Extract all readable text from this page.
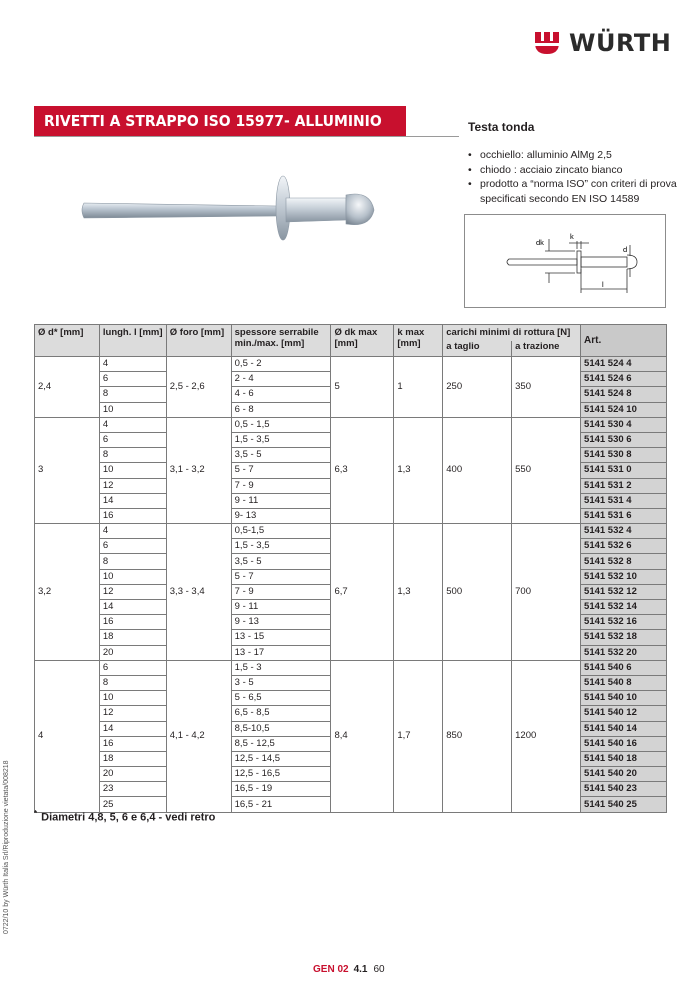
WÜRTH
RIVETTI A STRAPPO ISO 15977- ALLUMINIO	Testa tonda
• occhiello: alluminio AlMg 2,5
• chiodo : acciaio zincato bianco
• prodotto a “norma ISO” con criteri di prova specificati secondo EN ISO 14589
dk
k
d
l
Ø d* [mm]	lungh. l [mm]	Ø foro [mm]	spessore serrabile min./max. [mm]	Ø dk max [mm]	k max [mm]	carichi minimi di rottura [N]		Art.
						a taglio	a trazione	
2,4	4	2,5 - 2,6	0,5 - 2	5	1	250	350	5141 524 4
	6		2 - 4					5141 524 6
	8		4 - 6					5141 524 8
	10		6 - 8					5141 524 10
3	4	3,1 - 3,2	0,5 - 1,5	6,3	1,3	400	550	5141 530 4
	6		1,5 - 3,5					5141 530 6
	8		3,5 - 5					5141 530 8
	10		5 - 7					5141 531 0
	12		7 - 9					5141 531 2
	14		9 - 11					5141 531 4
	16		9- 13					5141 531 6
3,2	4	3,3 - 3,4	0,5-1,5	6,7	1,3	500	700	5141 532 4
	6		1,5 - 3,5					5141 532 6
	8		3,5 - 5					5141 532 8
	10		5 - 7					5141 532 10
	12		7 - 9					5141 532 12
	14		9 - 11					5141 532 14
	16		9 - 13					5141 532 16
	18		13 - 15					5141 532 18
	20		13 - 17					5141 532 20
4	6	4,1 - 4,2	1,5 - 3	8,4	1,7	850	1200	5141 540 6
	8		3 - 5					5141 540 8
	10		5 - 6,5					5141 540 10
	12		6,5 - 8,5					5141 540 12
	14		8,5-10,5					5141 540 14
	16		8,5 - 12,5					5141 540 16
	18		12,5 - 14,5					5141 540 18
	20		12,5 - 16,5					5141 540 20
	23		16,5 - 19					5141 540 23
	25		16,5 - 21					5141 540 25
* Diametri 4,8, 5, 6 e 6,4 - vedi retro
0722/10 by Würth Italia Srl/Riproduzione vietata/008218
GEN 02 4.1 60
